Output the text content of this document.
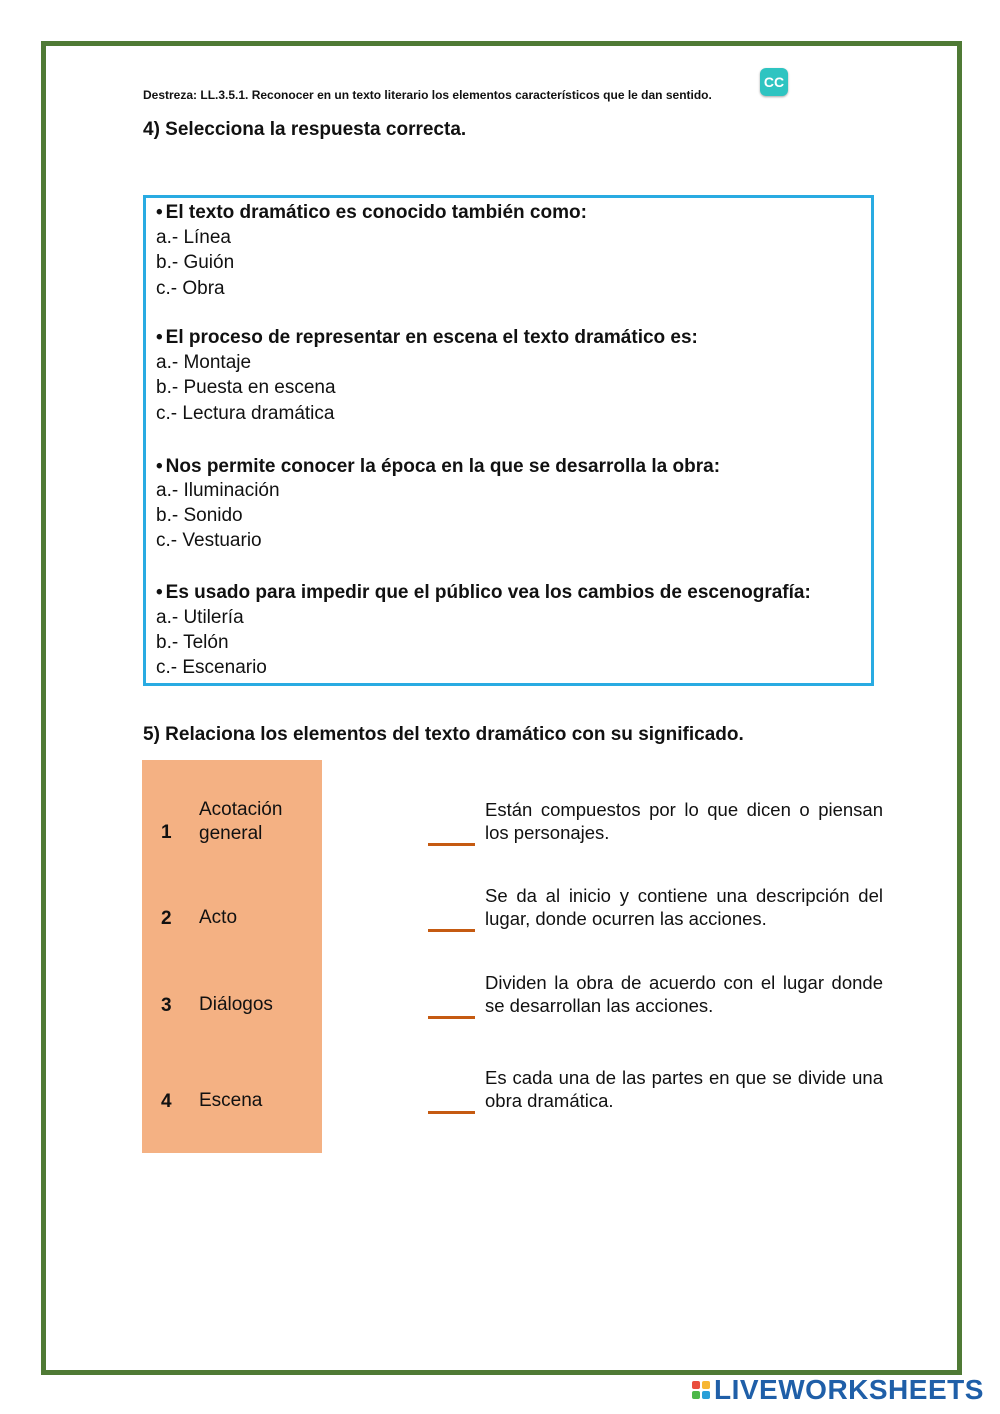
Destreza: LL.3.5.1. Reconocer en un texto literario los elementos característicos que le dan sentido.
CC
4) Selecciona la respuesta correcta.
• El texto dramático es conocido también como:
a.- Línea
b.- Guión
c.- Obra
• El proceso de representar en escena el texto dramático es:
a.- Montaje
b.- Puesta en escena
c.- Lectura dramática
• Nos permite conocer la época en la que se desarrolla la obra:
a.- Iluminación
b.- Sonido
c.- Vestuario
• Es usado para impedir que el público vea los cambios de escenografía:
a.- Utilería
b.- Telón
c.- Escenario
5) Relaciona los elementos del texto dramático con su significado.
1
Acotación
general
2 Acto
3 Diálogos
4 Escena
Están compuestos por lo que dicen o piensan los personajes.
Se da al inicio y contiene una descripción del lugar, donde ocurren las acciones.
Dividen la obra de acuerdo con el lugar donde se desarrollan las acciones.
Es cada una de las partes en que se divide una obra dramática.
LIVEWORKSHEETS
